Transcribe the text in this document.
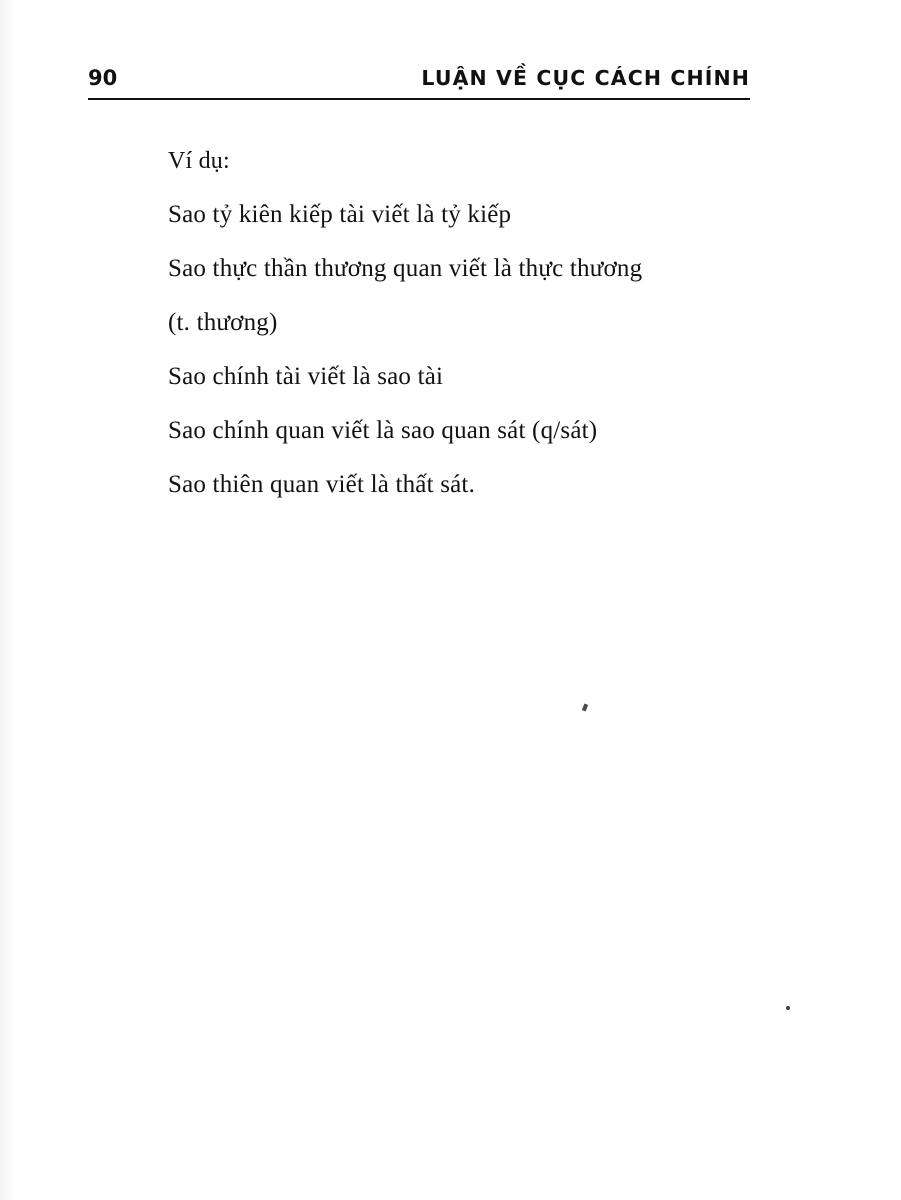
90	LUẬN VỀ CỤC CÁCH CHÍNH
Ví dụ:
Sao tỷ kiên kiếp tài viết là tỷ kiếp
Sao thực thần thương quan viết là thực thương
(t. thương)
Sao chính tài viết là sao tài
Sao chính quan viết là sao quan sát (q/sát)
Sao thiên quan viết là thất sát.
